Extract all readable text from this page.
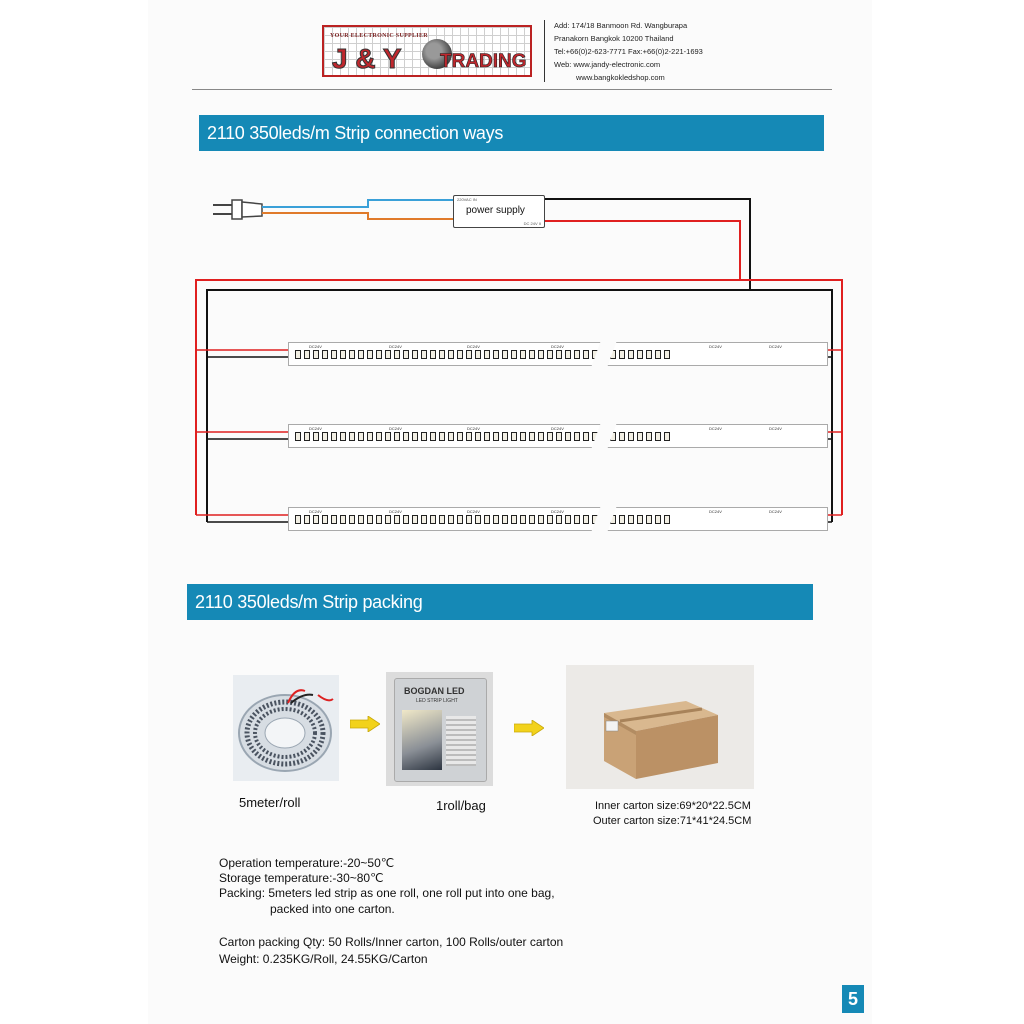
YOUR ELECTRONIC SUPPLIER
J & Y TRADING
Add: 174/18 Banmoon Rd. Wangburapa
Pranakorn Bangkok 10200 Thailand
Tel:+66(0)2-623-7771 Fax:+66(0)2-221-1693
Web: www.jandy-electronic.com
www.bangkokledshop.com
2110 350leds/m Strip connection ways
220VAC IN
power supply
DC 24V II
DC24V	DC24V	DC24V	DC24V	DC24V	DC24V
DC24V	DC24V	DC24V	DC24V	DC24V	DC24V
DC24V	DC24V	DC24V	DC24V	DC24V	DC24V
2110 350leds/m Strip packing
BOGDAN LED
LED STRIP LIGHT
5meter/roll	1roll/bag	Inner carton size:69*20*22.5CM
Outer carton size:71*41*24.5CM
Operation temperature:-20~50℃
Storage temperature:-30~80℃
Packing: 5meters led strip as one roll, one roll put into one bag,
packed into one carton.
Carton packing Qty: 50 Rolls/Inner carton, 100 Rolls/outer carton
Weight: 0.235KG/Roll, 24.55KG/Carton
5
